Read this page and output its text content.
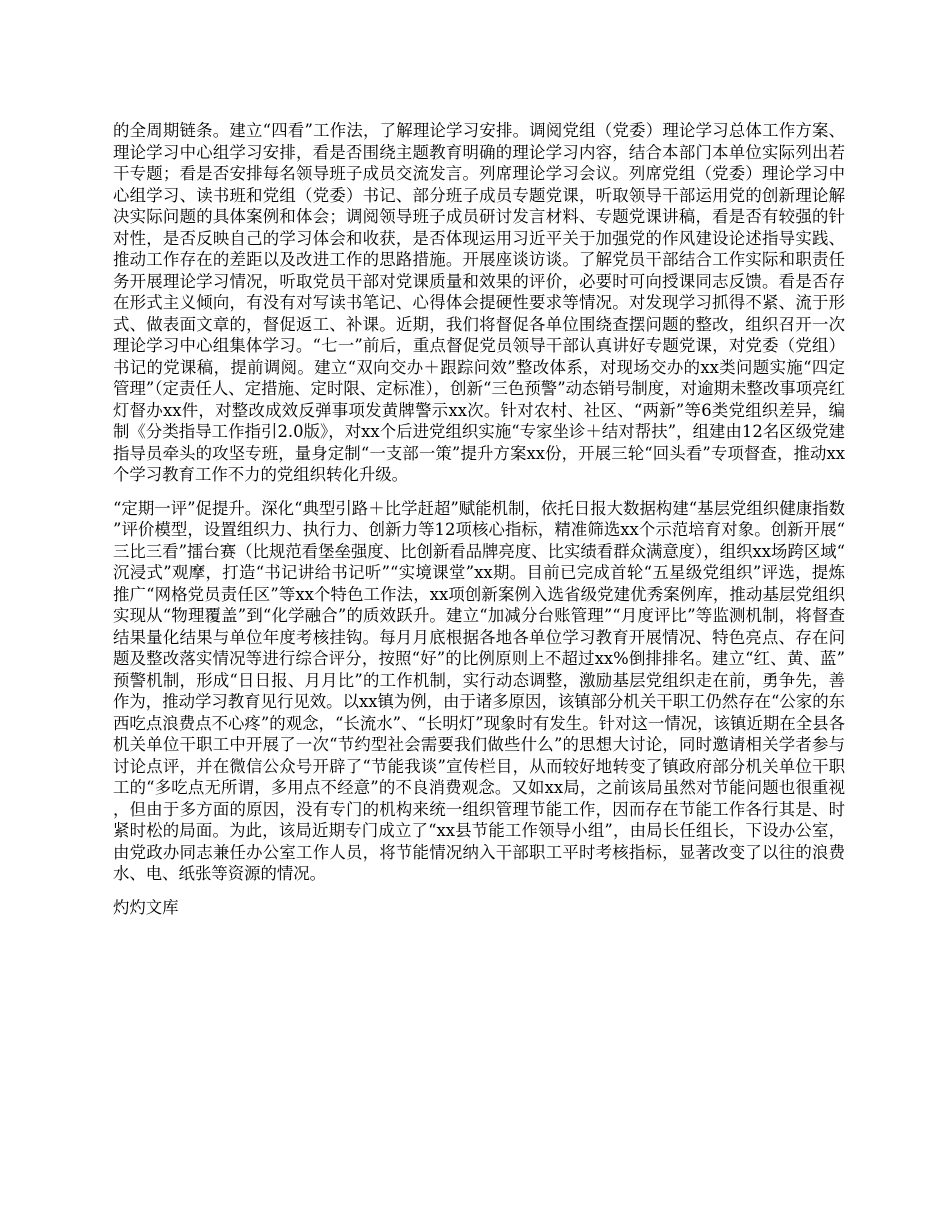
的全周期链条。建立“四看”工作法，了解理论学习安排。调阅党组（党委）理论学习总体工作方案、理论学习中心组学习安排，看是否围绕主题教育明确的理论学习内容，结合本部门本单位实际列出若干专题；看是否安排每名领导班子成员交流发言。列席理论学习会议。列席党组（党委）理论学习中心组学习、读书班和党组（党委）书记、部分班子成员专题党课，听取领导干部运用党的创新理论解决实际问题的具体案例和体会；调阅领导班子成员研讨发言材料、专题党课讲稿，看是否有较强的针对性，是否反映自己的学习体会和收获，是否体现运用习近平关于加强党的作风建设论述指导实践、推动工作存在的差距以及改进工作的思路措施。开展座谈访谈。了解党员干部结合工作实际和职责任务开展理论学习情况，听取党员干部对党课质量和效果的评价，必要时可向授课同志反馈。看是否存在形式主义倾向，有没有对写读书笔记、心得体会提硬性要求等情况。对发现学习抓得不紧、流于形式、做表面文章的，督促返工、补课。近期，我们将督促各单位围绕查摆问题的整改，组织召开一次理论学习中心组集体学习。“七一”前后，重点督促党员领导干部认真讲好专题党课，对党委（党组）书记的党课稿，提前调阅。建立“双向交办＋跟踪问效”整改体系，对现场交办的xx类问题实施“四定管理”（定责任人、定措施、定时限、定标准），创新“三色预警”动态销号制度，对逾期未整改事项亮红灯督办xx件，对整改成效反弹事项发黄牌警示xx次。针对农村、社区、“两新”等6类党组织差异，编制《分类指导工作指引2.0版》，对xx个后进党组织实施“专家坐诊＋结对帮扶”，组建由12名区级党建指导员牵头的攻坚专班，量身定制“一支部一策”提升方案xx份，开展三轮“回头看”专项督查，推动xx个学习教育工作不力的党组织转化升级。

“定期一评”促提升。深化“典型引路＋比学赶超”赋能机制，依托日报大数据构建“基层党组织健康指数”评价模型，设置组织力、执行力、创新力等12项核心指标，精准筛选xx个示范培育对象。创新开展“三比三看”擂台赛（比规范看堡垒强度、比创新看品牌亮度、比实绩看群众满意度），组织xx场跨区域“沉浸式”观摩，打造“书记讲给书记听”“实境课堂”xx期。目前已完成首轮“五星级党组织”评选，提炼推广“网格党员责任区”等xx个特色工作法，xx项创新案例入选省级党建优秀案例库，推动基层党组织实现从“物理覆盖”到“化学融合”的质效跃升。建立“加减分台账管理”“月度评比”等监测机制，将督查结果量化结果与单位年度考核挂钩。每月月底根据各地各单位学习教育开展情况、特色亮点、存在问题及整改落实情况等进行综合评分，按照“好”的比例原则上不超过xx%倒排排名。建立“红、黄、蓝”预警机制，形成“日日报、月月比”的工作机制，实行动态调整，激励基层党组织走在前，勇争先，善作为，推动学习教育见行见效。以xx镇为例，由于诸多原因，该镇部分机关干职工仍然存在“公家的东西吃点浪费点不心疼”的观念，“长流水”、“长明灯”现象时有发生。针对这一情况，该镇近期在全县各机关单位干职工中开展了一次“节约型社会需要我们做些什么”的思想大讨论，同时邀请相关学者参与讨论点评，并在微信公众号开辟了“节能我谈”宣传栏目，从而较好地转变了镇政府部分机关单位干职工的“多吃点无所谓，多用点不经意”的不良消费观念。又如xx局，之前该局虽然对节能问题也很重视，但由于多方面的原因，没有专门的机构来统一组织管理节能工作，因而存在节能工作各行其是、时紧时松的局面。为此，该局近期专门成立了“xx县节能工作领导小组”，由局长任组长，下设办公室，由党政办同志兼任办公室工作人员，将节能情况纳入干部职工平时考核指标，显著改变了以往的浪费水、电、纸张等资源的情况。

灼灼文库
